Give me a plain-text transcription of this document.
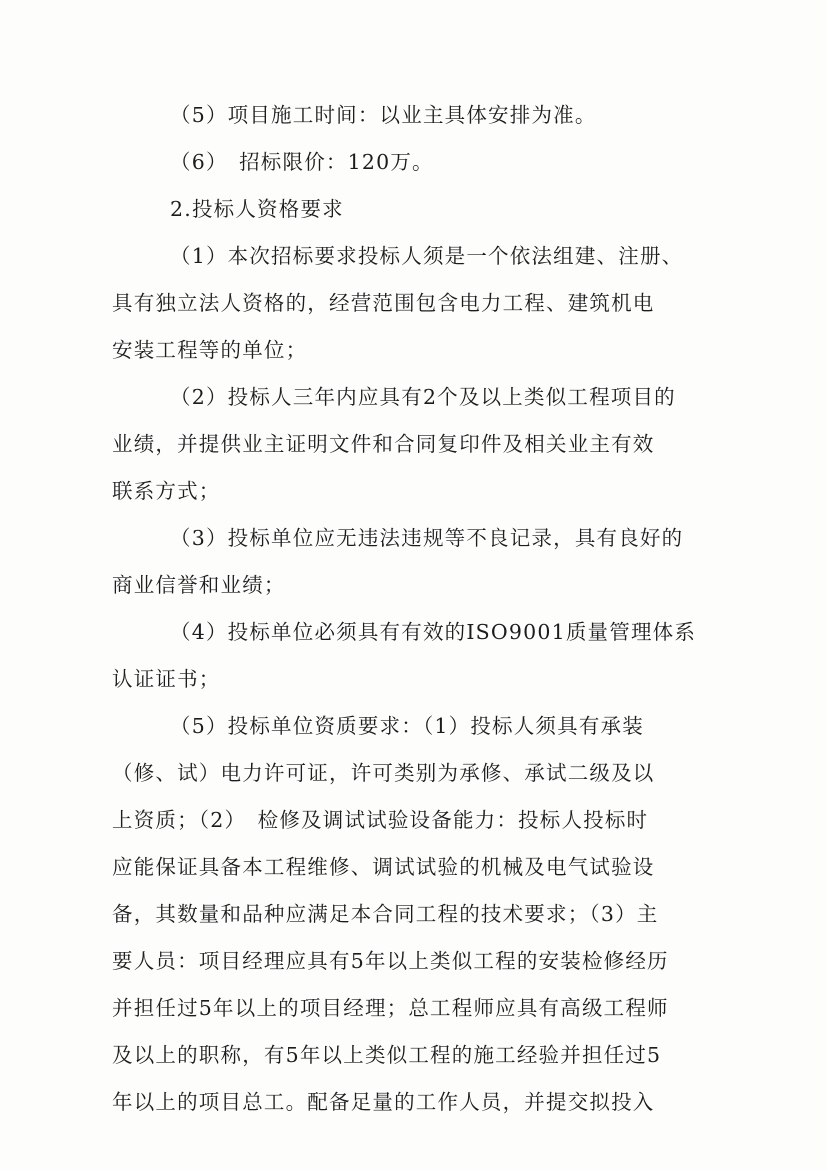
（5）项目施工时间：以业主具体安排为准。
（6）　招标限价：120万。
2.投标人资格要求
（1）本次招标要求投标人须是一个依法组建、注册、
具有独立法人资格的，经营范围包含电力工程、建筑机电
安装工程等的单位；
（2）投标人三年内应具有2个及以上类似工程项目的
业绩，并提供业主证明文件和合同复印件及相关业主有效
联系方式；
（3）投标单位应无违法违规等不良记录，具有良好的
商业信誉和业绩；
（4）投标单位必须具有有效的ISO9001质量管理体系
认证证书；
（5）投标单位资质要求：（1）投标人须具有承装
（修、试）电力许可证，许可类别为承修、承试二级及以
上资质；（2）　检修及调试试验设备能力：投标人投标时
应能保证具备本工程维修、调试试验的机械及电气试验设
备，其数量和品种应满足本合同工程的技术要求；（3）主
要人员：项目经理应具有5年以上类似工程的安装检修经历
并担任过5年以上的项目经理；总工程师应具有高级工程师
及以上的职称，有5年以上类似工程的施工经验并担任过5
年以上的项目总工。配备足量的工作人员，并提交拟投入
